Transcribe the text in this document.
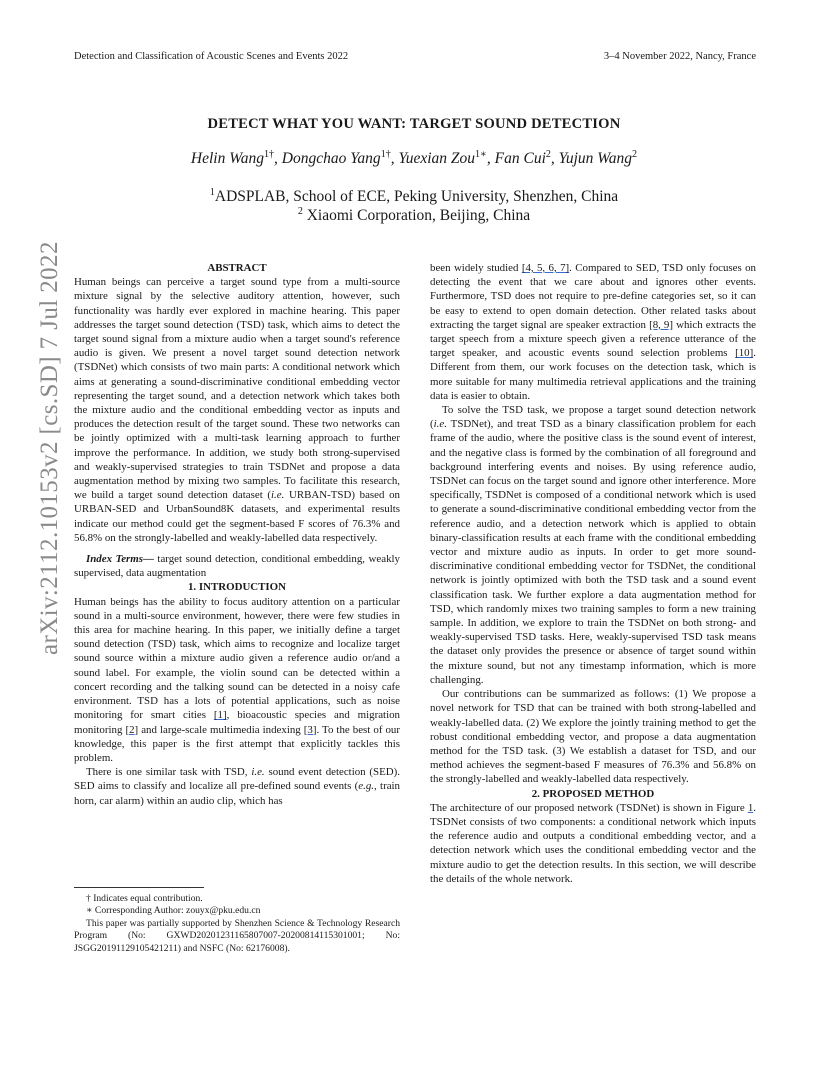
Detection and Classification of Acoustic Scenes and Events 2022	3–4 November 2022, Nancy, France
arXiv:2112.10153v2 [cs.SD] 7 Jul 2022
DETECT WHAT YOU WANT: TARGET SOUND DETECTION
Helin Wang$^{1\dagger}$, Dongchao Yang$^{1\dagger}$, Yuexian Zou$^{1∗}$, Fan Cui$^2$, Yujun Wang$^2$
$^1$ADSPLAB, School of ECE, Peking University, Shenzhen, China
$^2$ Xiaomi Corporation, Beijing, China

ABSTRACT

Human beings can perceive a target sound type from a multi-source mixture signal by the selective auditory attention, however, such functionality was hardly ever explored in machine hearing. This paper addresses the target sound detection (TSD) task, which aims to detect the target sound signal from a mixture audio when a target sound's reference audio is given. We present a novel target sound detection network (TSDNet) which consists of two main parts: A conditional network which aims at generating a sound-discriminative conditional embedding vector representing the target sound, and a detection network which takes both the mixture audio and the conditional embedding vector as inputs and produces the detection result of the target sound. These two networks can be jointly optimized with a multi-task learning approach to further improve the performance. In addition, we study both strong-supervised and weakly-supervised strategies to train TSDNet and propose a data augmentation method by mixing two samples. To facilitate this research, we build a target sound detection dataset (i.e. URBAN-TSD) based on URBAN-SED and UrbanSound8K datasets, and experimental results indicate our method could get the segment-based F scores of 76.3% and 56.8% on the strongly-labelled and weakly-labelled data respectively.

Index Terms— target sound detection, conditional embedding, weakly supervised, data augmentation

1. INTRODUCTION

Human beings has the ability to focus auditory attention on a particular sound in a multi-source environment, however, there were few studies in this area for machine hearing. In this paper, we initially define a target sound detection (TSD) task, which aims to recognize and localize target sound source within a mixture audio given a reference audio or/and a sound label. For example, the violin sound can be detected within a concert recording and the talking sound can be detected in a noisy cafe environment. TSD has a lots of potential applications, such as noise monitoring for smart cities [1], bioacoustic species and migration monitoring [2] and large-scale multimedia indexing [3]. To the best of our knowledge, this paper is the first attempt that explicitly tackles this problem.

There is one similar task with TSD, i.e. sound event detection (SED). SED aims to classify and localize all pre-defined sound events (e.g., train horn, car alarm) within an audio clip, which has

† Indicates equal contribution.

∗ Corresponding Author: zouyx@pku.edu.cn

This paper was partially supported by Shenzhen Science & Technology Research Program (No: GXWD20201231165807007-20200814115301001; No: JSGG20191129105421211) and NSFC (No: 62176008).

been widely studied [4, 5, 6, 7]. Compared to SED, TSD only focuses on detecting the event that we care about and ignores other events. Furthermore, TSD does not require to pre-define categories set, so it can be easy to extend to open domain detection. Other related tasks about extracting the target signal are speaker extraction [8, 9] which extracts the target speech from a mixture speech given a reference utterance of the target speaker, and acoustic events sound selection problems [10]. Different from them, our work focuses on the detection task, which is more suitable for many multimedia retrieval applications and the training data is easier to obtain.

To solve the TSD task, we propose a target sound detection network (i.e. TSDNet), and treat TSD as a binary classification problem for each frame of the audio, where the positive class is the sound event of interest, and the negative class is formed by the combination of all foreground and background interfering events and noises. By using reference audio, TSDNet can focus on the target sound and ignore other interference. More specifically, TSDNet is composed of a conditional network which is used to generate a sound-discriminative conditional embedding vector from the reference audio, and a detection network which is applied to obtain binary-classification results at each frame with the conditional embedding vector and mixture audio as inputs. In order to get more sound-discriminative conditional embedding vector for TSDNet, the conditional network is jointly optimized with both the TSD task and a sound event classification task. We further explore a data augmentation method for TSD, which randomly mixes two training samples to form a new training sample. In addition, we explore to train the TSDNet on both strong- and weakly-supervised TSD tasks. Here, weakly-supervised TSD task means the dataset only provides the presence or absence of target sound within the mixture sound, but not any timestamp information, which is more challenging.

Our contributions can be summarized as follows: (1) We propose a novel network for TSD that can be trained with both strong-labelled and weakly-labelled data. (2) We explore the jointly training method to get the robust conditional embedding vector, and propose a data augmentation method for the TSD task. (3) We establish a dataset for TSD, and our method achieves the segment-based F measures of 76.3% and 56.8% on the strongly-labelled and weakly-labelled data respectively.

2. PROPOSED METHOD

The architecture of our proposed network (TSDNet) is shown in Figure 1. TSDNet consists of two components: a conditional network which inputs the reference audio and outputs a conditional embedding vector, and a detection network which uses the conditional embedding vector and the mixture audio to get the detection results. In this section, we will describe the details of the whole network.
